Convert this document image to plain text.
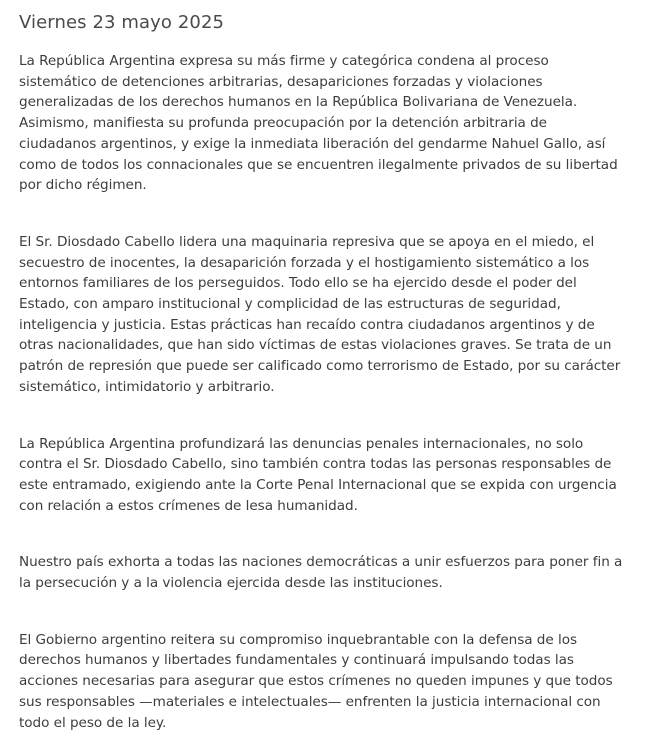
Viernes 23 mayo 2025

La República Argentina expresa su más firme y categórica condena al proceso sistemático de detenciones arbitrarias, desapariciones forzadas y violaciones generalizadas de los derechos humanos en la República Bolivariana de Venezuela. Asimismo, manifiesta su profunda preocupación por la detención arbitraria de ciudadanos argentinos, y exige la inmediata liberación del gendarme Nahuel Gallo, así como de todos los connacionales que se encuentren ilegalmente privados de su libertad por dicho régimen.

El Sr. Diosdado Cabello lidera una maquinaria represiva que se apoya en el miedo, el secuestro de inocentes, la desaparición forzada y el hostigamiento sistemático a los entornos familiares de los perseguidos. Todo ello se ha ejercido desde el poder del Estado, con amparo institucional y complicidad de las estructuras de seguridad, inteligencia y justicia. Estas prácticas han recaído contra ciudadanos argentinos y de otras nacionalidades, que han sido víctimas de estas violaciones graves. Se trata de un patrón de represión que puede ser calificado como terrorismo de Estado, por su carácter sistemático, intimidatorio y arbitrario.

La República Argentina profundizará las denuncias penales internacionales, no solo contra el Sr. Diosdado Cabello, sino también contra todas las personas responsables de este entramado, exigiendo ante la Corte Penal Internacional que se expida con urgencia con relación a estos crímenes de lesa humanidad.

Nuestro país exhorta a todas las naciones democráticas a unir esfuerzos para poner fin a la persecución y a la violencia ejercida desde las instituciones.

El Gobierno argentino reitera su compromiso inquebrantable con la defensa de los derechos humanos y libertades fundamentales y continuará impulsando todas las acciones necesarias para asegurar que estos crímenes no queden impunes y que todos sus responsables —materiales e intelectuales— enfrenten la justicia internacional con todo el peso de la ley.
